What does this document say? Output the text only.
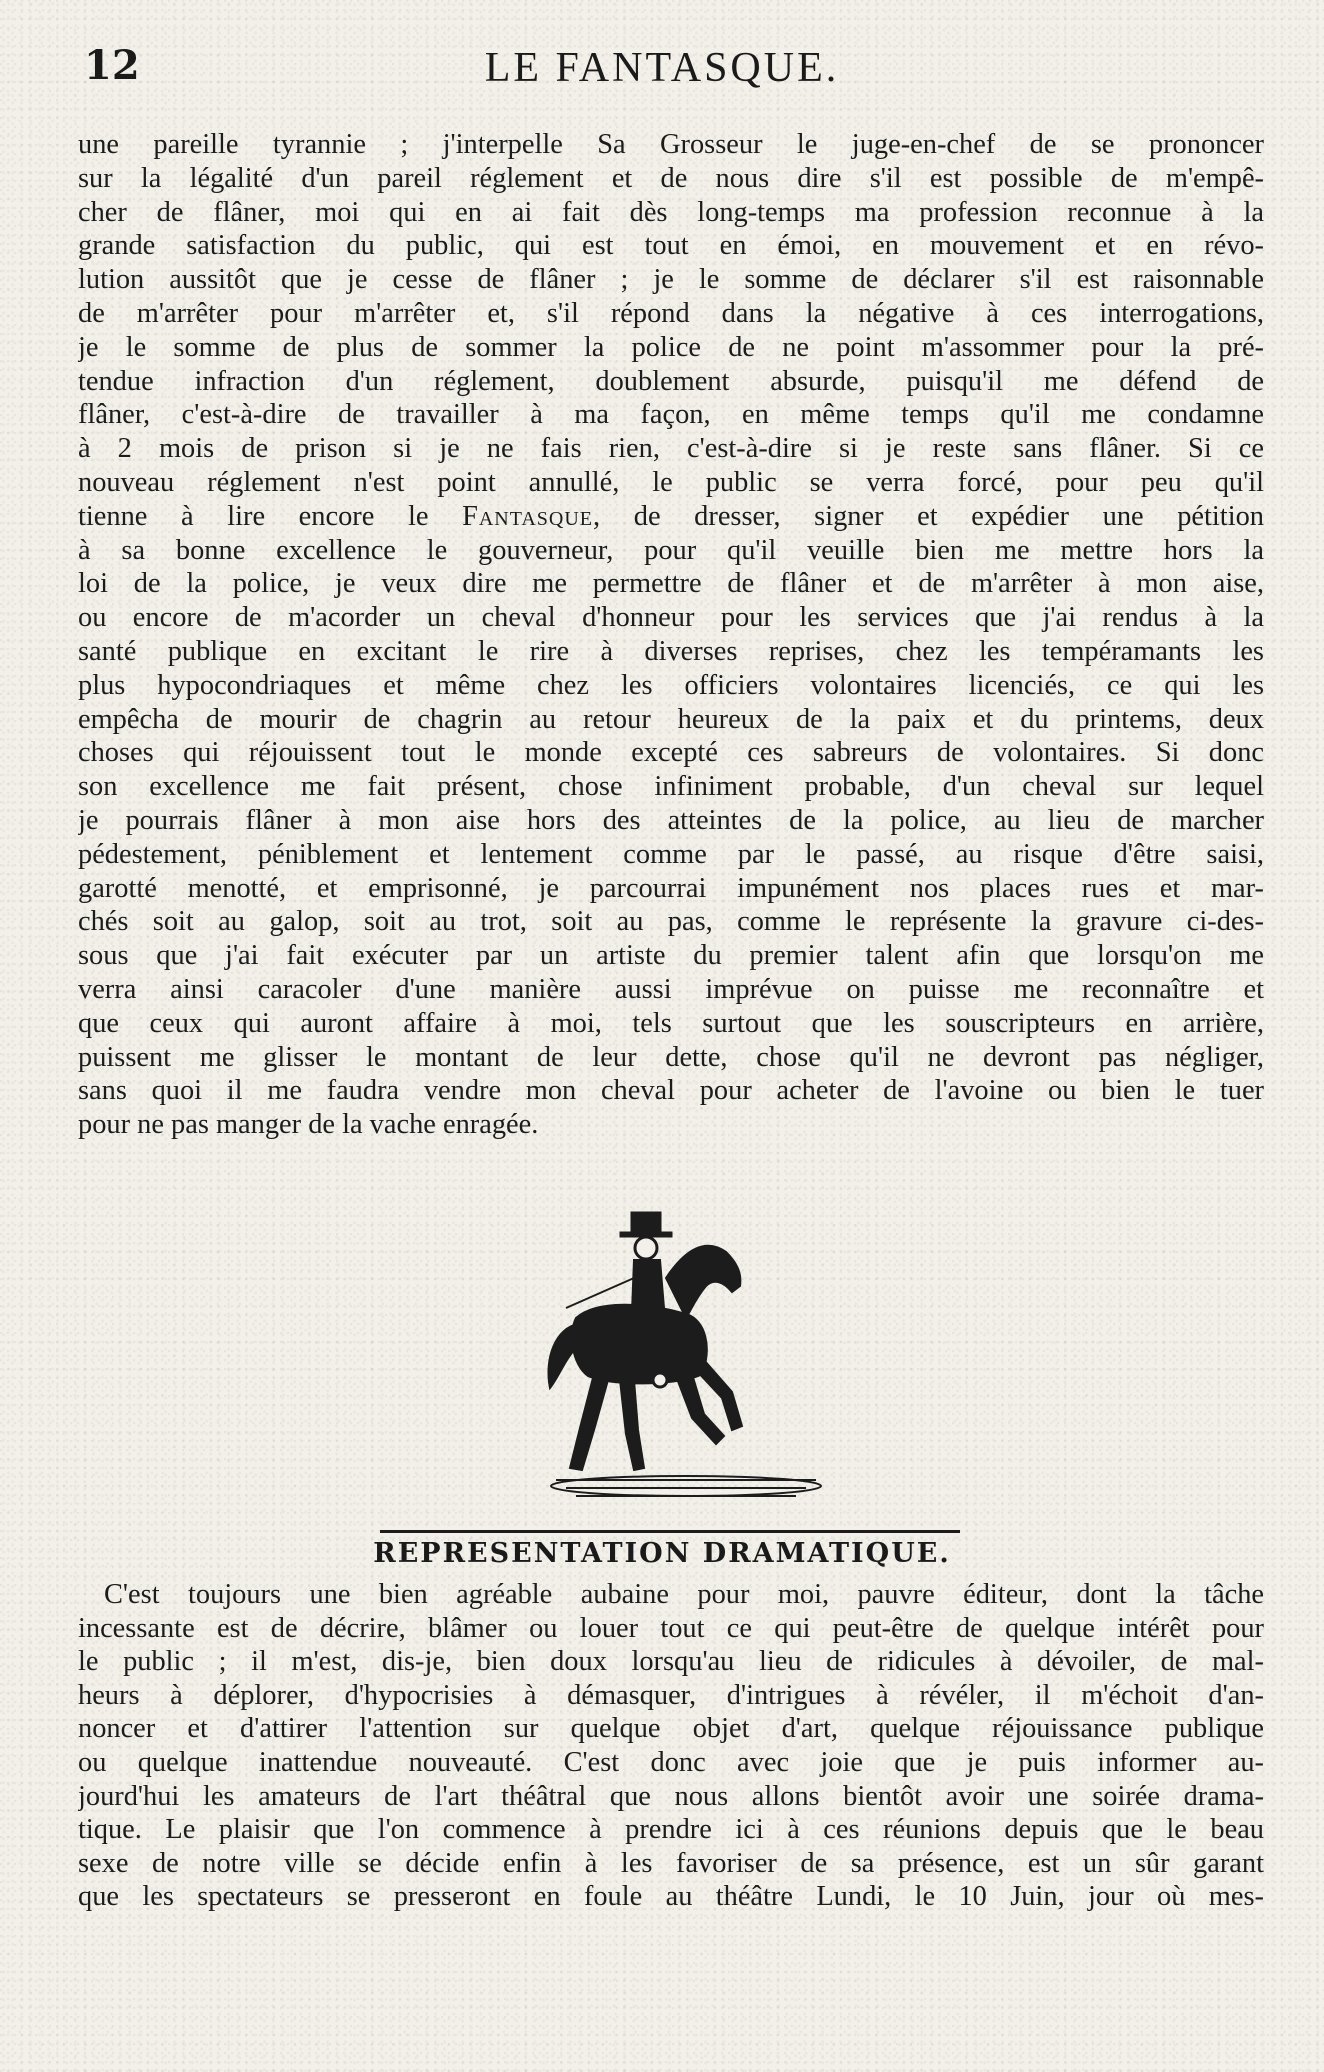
12	LE FANTASQUE.
une pareille tyrannie ; j'interpelle Sa Grosseur le juge-en-chef de se prononcer
sur la légalité d'un pareil réglement et de nous dire s'il est possible de m'empê-
cher de flâner, moi qui en ai fait dès long-temps ma profession reconnue à la
grande satisfaction du public, qui est tout en émoi, en mouvement et en révo-
lution aussitôt que je cesse de flâner ; je le somme de déclarer s'il est raisonnable
de m'arrêter pour m'arrêter et, s'il répond dans la négative à ces interrogations,
je le somme de plus de sommer la police de ne point m'assommer pour la pré-
tendue infraction d'un réglement, doublement absurde, puisqu'il me défend de
flâner, c'est-à-dire de travailler à ma façon, en même temps qu'il me condamne
à 2 mois de prison si je ne fais rien, c'est-à-dire si je reste sans flâner. Si ce
nouveau réglement n'est point annullé, le public se verra forcé, pour peu qu'il
tienne à lire encore le Fantasque, de dresser, signer et expédier une pétition
à sa bonne excellence le gouverneur, pour qu'il veuille bien me mettre hors la
loi de la police, je veux dire me permettre de flâner et de m'arrêter à mon aise,
ou encore de m'acorder un cheval d'honneur pour les services que j'ai rendus à la
santé publique en excitant le rire à diverses reprises, chez les tempéramants les
plus hypocondriaques et même chez les officiers volontaires licenciés, ce qui les
empêcha de mourir de chagrin au retour heureux de la paix et du printems, deux
choses qui réjouissent tout le monde excepté ces sabreurs de volontaires. Si donc
son excellence me fait présent, chose infiniment probable, d'un cheval sur lequel
je pourrais flâner à mon aise hors des atteintes de la police, au lieu de marcher
pédestement, péniblement et lentement comme par le passé, au risque d'être saisi,
garotté menotté, et emprisonné, je parcourrai impunément nos places rues et mar-
chés soit au galop, soit au trot, soit au pas, comme le représente la gravure ci-des-
sous que j'ai fait exécuter par un artiste du premier talent afin que lorsqu'on me
verra ainsi caracoler d'une manière aussi imprévue on puisse me reconnaître et
que ceux qui auront affaire à moi, tels surtout que les souscripteurs en arrière,
puissent me glisser le montant de leur dette, chose qu'il ne devront pas négliger,
sans quoi il me faudra vendre mon cheval pour acheter de l'avoine ou bien le tuer
pour ne pas manger de la vache enragée.
REPRESENTATION DRAMATIQUE.
C'est toujours une bien agréable aubaine pour moi, pauvre éditeur, dont la tâche
incessante est de décrire, blâmer ou louer tout ce qui peut-être de quelque intérêt pour
le public ; il m'est, dis-je, bien doux lorsqu'au lieu de ridicules à dévoiler, de mal-
heurs à déplorer, d'hypocrisies à démasquer, d'intrigues à révéler, il m'échoit d'an-
noncer et d'attirer l'attention sur quelque objet d'art, quelque réjouissance publique
ou quelque inattendue nouveauté. C'est donc avec joie que je puis informer au-
jourd'hui les amateurs de l'art théâtral que nous allons bientôt avoir une soirée drama-
tique. Le plaisir que l'on commence à prendre ici à ces réunions depuis que le beau
sexe de notre ville se décide enfin à les favoriser de sa présence, est un sûr garant
que les spectateurs se presseront en foule au théâtre Lundi, le 10 Juin, jour où mes-
